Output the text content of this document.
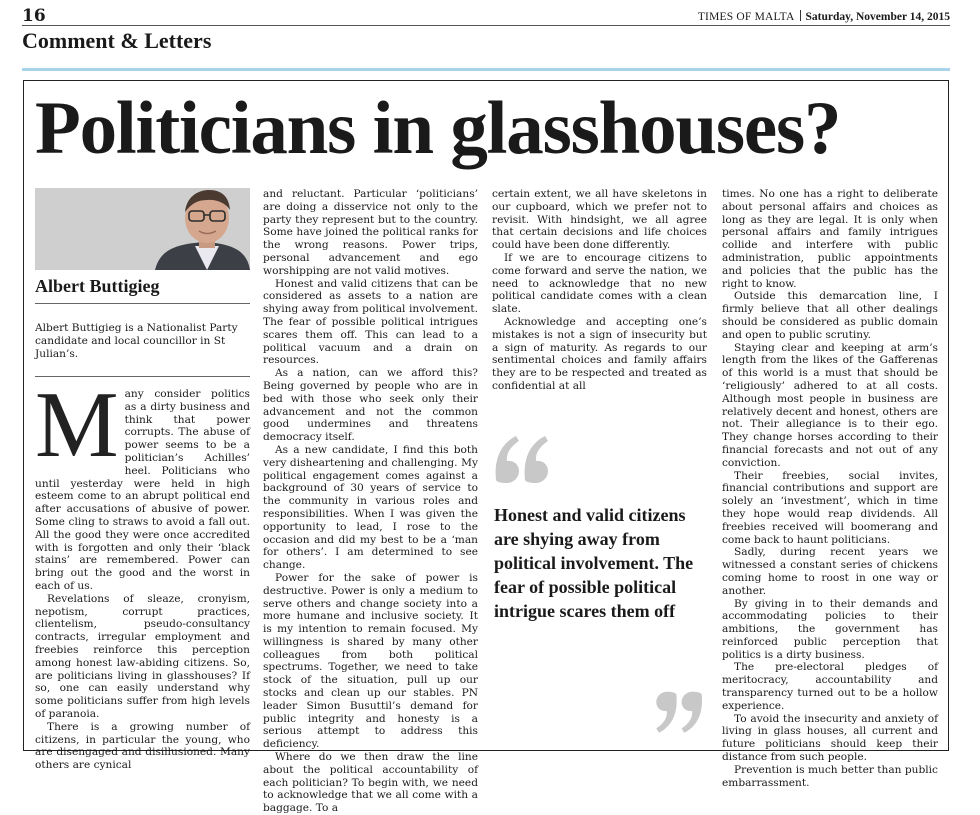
16	TIMES OF MALTA Saturday, November 14, 2015
Comment & Letters
Politicians in glasshouses?
Albert Buttigieg
Albert Buttigieg is a Nationalist Party candidate and local councillor in St Julian’s.
M any consider politics as a dirty business and think that power corrupts. The abuse of power seems to be a politician’s Achilles’ heel. Politicians who until yesterday were held in high esteem come to an abrupt political end after accusations of abusive of power. Some cling to straws to avoid a fall out. All the good they were once accredited with is forgotten and only their ‘black stains’ are remembered. Power can bring out the good and the worst in each of us.

Revelations of sleaze, cronyism, nepotism, corrupt practices, clientelism, pseudo-consultancy contracts, irregular employment and freebies reinforce this perception among honest law-abiding citizens. So, are politicians living in glasshouses? If so, one can easily understand why some politicians suffer from high levels of paranoia.

There is a growing number of citizens, in particular the young, who are disengaged and disillusioned. Many others are cynical

and reluctant. Particular ‘politicians’ are doing a disservice not only to the party they represent but to the country. Some have joined the political ranks for the wrong reasons. Power trips, personal advancement and ego worshipping are not valid motives.

Honest and valid citizens that can be considered as assets to a nation are shying away from political involvement. The fear of possible political intrigues scares them off. This can lead to a political vacuum and a drain on resources.

As a nation, can we afford this? Being governed by people who are in bed with those who seek only their advancement and not the common good undermines and threatens democracy itself.

As a new candidate, I find this both very disheartening and challenging. My political engagement comes against a background of 30 years of service to the community in various roles and responsibilities. When I was given the opportunity to lead, I rose to the occasion and did my best to be a ‘man for others’. I am determined to see change.

Power for the sake of power is destructive. Power is only a medium to serve others and change society into a more humane and inclusive society. It is my intention to remain focused. My willingness is shared by many other colleagues from both political spectrums. Together, we need to take stock of the situation, pull up our stocks and clean up our stables. PN leader Simon Busuttil’s demand for public integrity and honesty is a serious attempt to address this deficiency.

Where do we then draw the line about the political accountability of each politician? To begin with, we need to acknowledge that we all come with a baggage. To a

certain extent, we all have skeletons in our cupboard, which we prefer not to revisit. With hindsight, we all agree that certain decisions and life choices could have been done differently.

If we are to encourage citizens to come forward and serve the nation, we need to acknowledge that no new political candidate comes with a clean slate.

Acknowledge and accepting one’s mistakes is not a sign of insecurity but a sign of maturity. As regards to our sentimental choices and family affairs they are to be respected and treated as confidential at all

Honest and valid citizens are shying away from political involvement. The fear of possible political intrigue scares them off

times. No one has a right to deliberate about personal affairs and choices as long as they are legal. It is only when personal affairs and family intrigues collide and interfere with public administration, public appointments and policies that the public has the right to know.

Outside this demarcation line, I firmly believe that all other dealings should be considered as public domain and open to public scrutiny.

Staying clear and keeping at arm’s length from the likes of the Gafferenas of this world is a must that should be ‘religiously’ adhered to at all costs. Although most people in business are relatively decent and honest, others are not. Their allegiance is to their ego. They change horses according to their financial forecasts and not out of any conviction.

Their freebies, social invites, financial contributions and support are solely an ‘investment’, which in time they hope would reap dividends. All freebies received will boomerang and come back to haunt politicians.

Sadly, during recent years we witnessed a constant series of chickens coming home to roost in one way or another.

By giving in to their demands and accommodating policies to their ambitions, the government has reinforced public perception that politics is a dirty business.

The pre-electoral pledges of meritocracy, accountability and transparency turned out to be a hollow experience.

To avoid the insecurity and anxiety of living in glass houses, all current and future politicians should keep their distance from such people.

Prevention is much better than public embarrassment.
